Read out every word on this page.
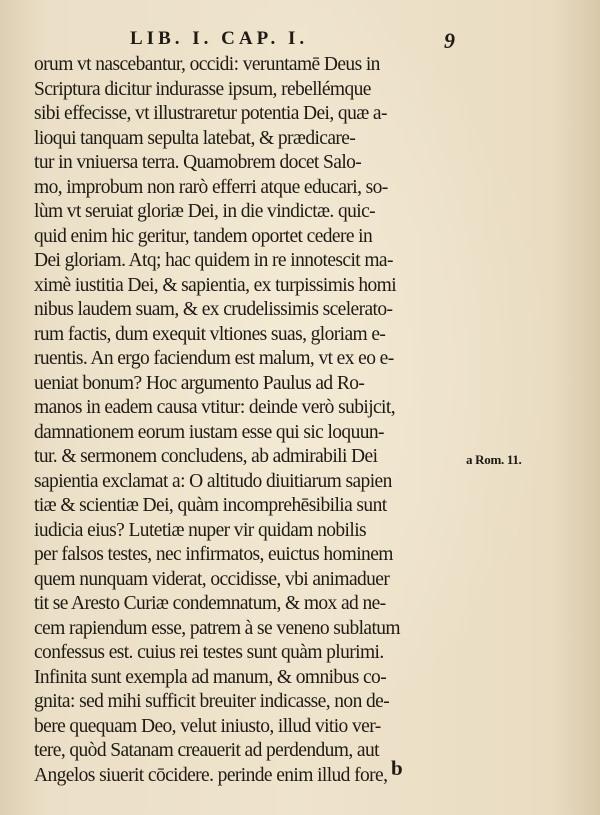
LIB. I. CAP. I.	9
orum vt nascebantur, occidi: veruntamē Deus in
Scriptura dicitur indurasse ipsum, rebellémque
sibi effecisse, vt illustraretur potentia Dei, quæ a-
lioqui tanquam sepulta latebat, & prædicare-
tur in vniuersa terra. Quamobrem docet Salo-
mo, improbum non rarò efferri atque educari, so-
lùm vt seruiat gloriæ Dei, in die vindictæ. quic-
quid enim hic geritur, tandem oportet cedere in
Dei gloriam. Atq; hac quidem in re innotescit ma-
ximè iustitia Dei, & sapientia, ex turpissimis homi
nibus laudem suam, & ex crudelissimis scelerato-
rum factis, dum exequit vltiones suas, gloriam e-
ruentis. An ergo faciendum est malum, vt ex eo e-
ueniat bonum? Hoc argumento Paulus ad Ro-
manos in eadem causa vtitur: deinde verò subijcit,
damnationem eorum iustam esse qui sic loquun-
tur. & sermonem concludens, ab admirabili Dei
sapientia exclamat a: O altitudo diuitiarum sapien
tiæ & scientiæ Dei, quàm incomprehēsibilia sunt
iudicia eius? Lutetiæ nuper vir quidam nobilis
per falsos testes, nec infirmatos, euictus hominem
quem nunquam viderat, occidisse, vbi animaduer
tit se Aresto Curiæ condemnatum, & mox ad ne-
cem rapiendum esse, patrem à se veneno sublatum
confessus est. cuius rei testes sunt quàm plurimi.
Infinita sunt exempla ad manum, & omnibus co-
gnita: sed mihi sufficit breuiter indicasse, non de-
bere quequam Deo, velut iniusto, illud vitio ver-
tere, quòd Satanam creauerit ad perdendum, aut
Angelos siuerit cōcidere. perinde enim illud fore,
a Rom. 11.
b
